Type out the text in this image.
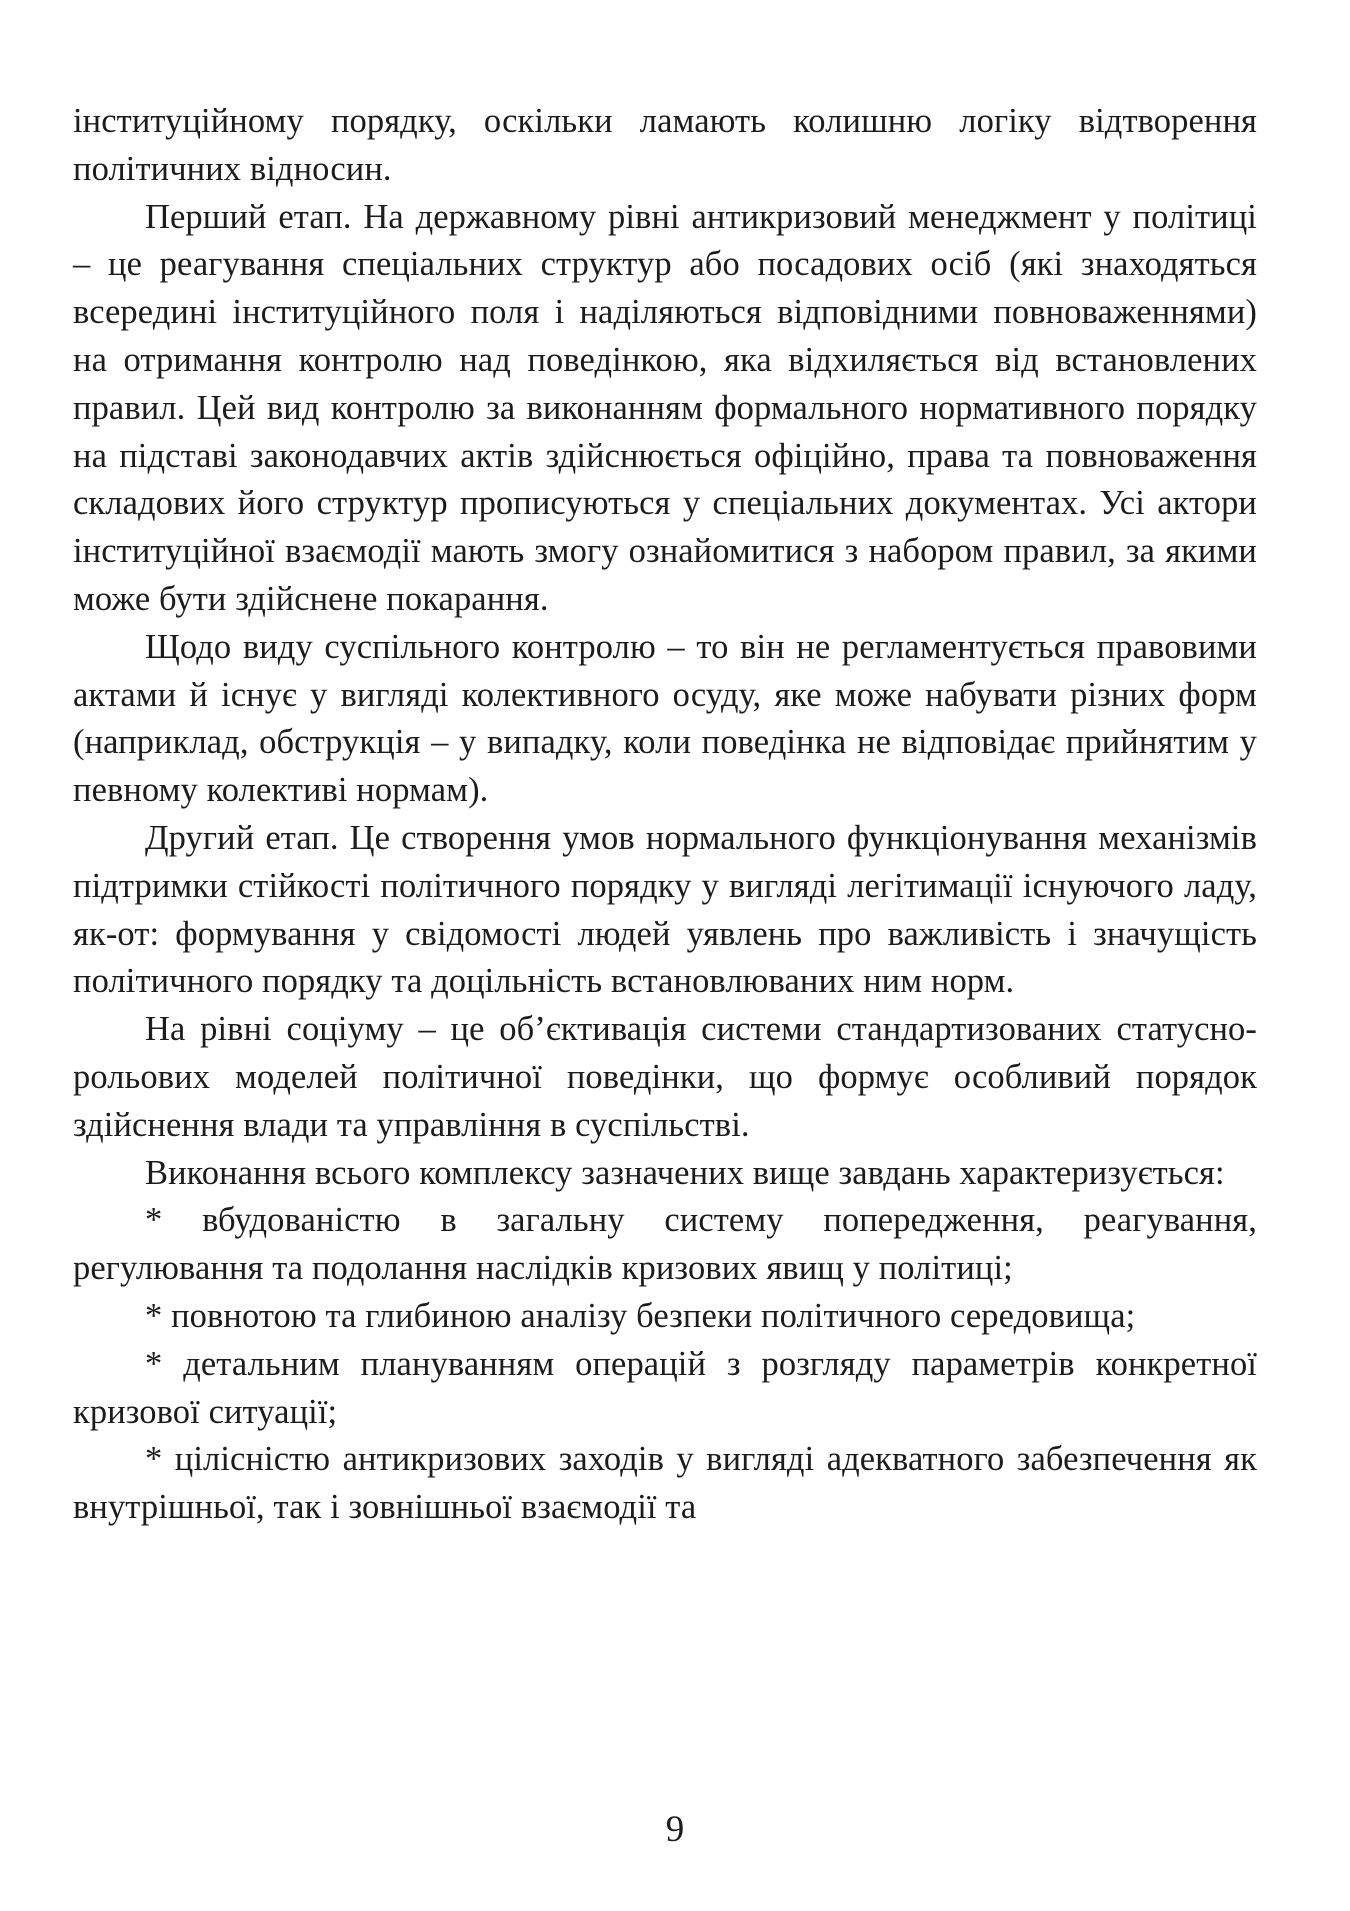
інституційному порядку, оскільки ламають колишню логіку відтворення політичних відносин.

Перший етап. На державному рівні антикризовий менеджмент у політиці – це реагування спеціальних структур або посадових осіб (які знаходяться всередині інституційного поля і наділяються відповідними повноваженнями) на отримання контролю над поведінкою, яка відхиляється від встановлених правил. Цей вид контролю за виконанням формального нормативного порядку на підставі законодавчих актів здійснюється офіційно, права та повноваження складових його структур прописуються у спеціальних документах. Усі актори інституційної взаємодії мають змогу ознайомитися з набором правил, за якими може бути здійснене покарання.

Щодо виду суспільного контролю – то він не регламентується правовими актами й існує у вигляді колективного осуду, яке може набувати різних форм (наприклад, обструкція – у випадку, коли поведінка не відповідає прийнятим у певному колективі нормам).

Другий етап. Це створення умов нормального функціонування механізмів підтримки стійкості політичного порядку у вигляді легітимації існуючого ладу, як-от: формування у свідомості людей уявлень про важливість і значущість політичного порядку та доцільність встановлюваних ним норм.

На рівні соціуму – це об’єктивація системи стандартизованих статусно-рольових моделей політичної поведінки, що формує особливий порядок здійснення влади та управління в суспільстві.

Виконання всього комплексу зазначених вище завдань характеризується:

* вбудованістю в загальну систему попередження, реагування, регулювання та подолання наслідків кризових явищ у політиці;

* повнотою та глибиною аналізу безпеки політичного середовища;

* детальним плануванням операцій з розгляду параметрів конкретної кризової ситуації;

* цілісністю антикризових заходів у вигляді адекватного забезпечення як внутрішньої, так і зовнішньої взаємодії та

9
